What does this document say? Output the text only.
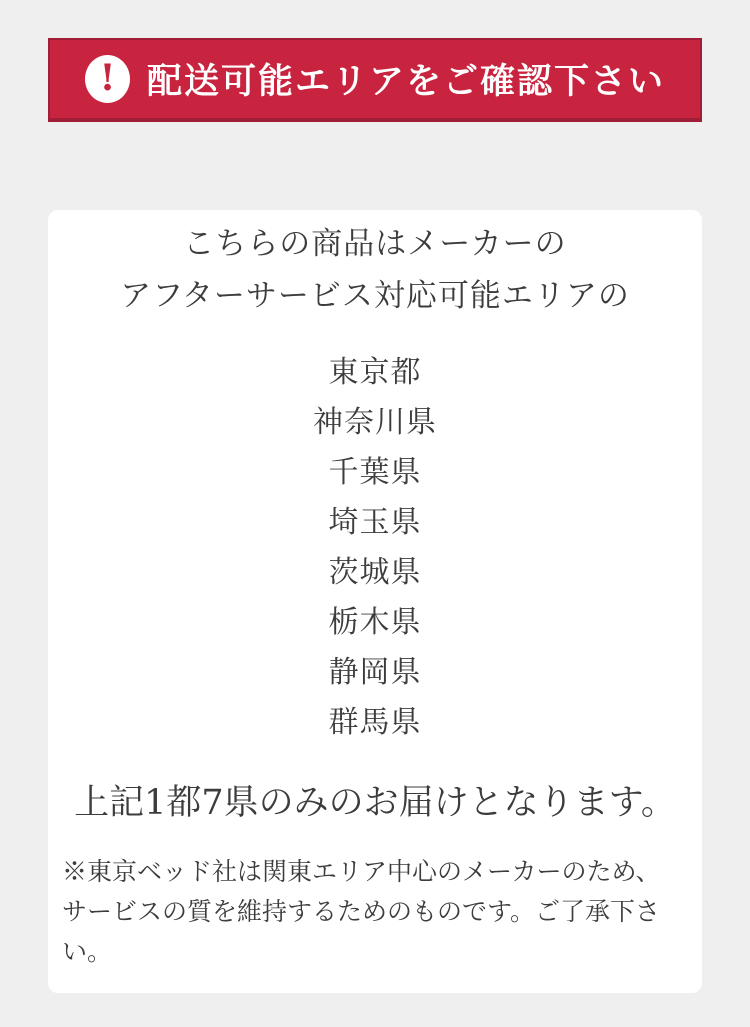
! 配送可能エリアをご確認下さい

こちらの商品はメーカーの
アフターサービス対応可能エリアの

東京都
神奈川県
千葉県
埼玉県
茨城県
栃木県
静岡県
群馬県

上記1都7県のみのお届けとなります。

※東京ベッド社は関東エリア中心のメーカーのため、
サービスの質を維持するためのものです。ご了承下さい。
